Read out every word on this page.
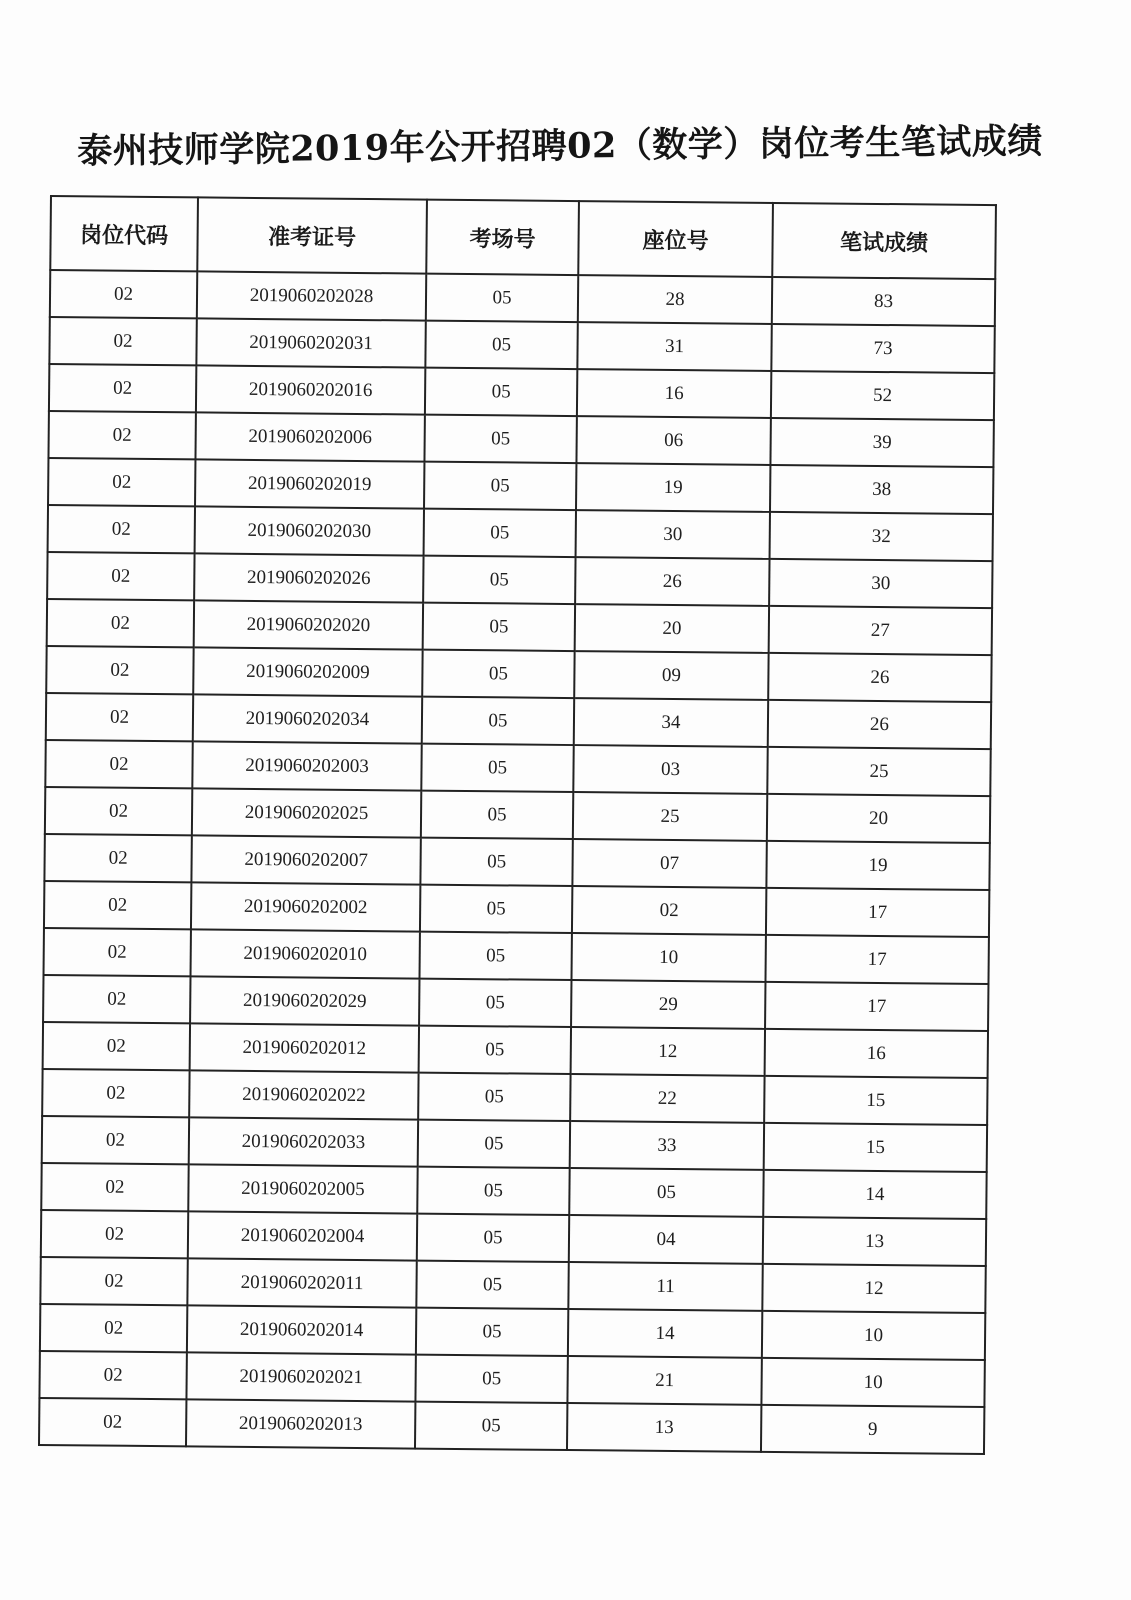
泰州技师学院2019年公开招聘02（数学）岗位考生笔试成绩
岗位代码	准考证号	考场号	座位号	笔试成绩
02	2019060202028	05	28	83
02	2019060202031	05	31	73
02	2019060202016	05	16	52
02	2019060202006	05	06	39
02	2019060202019	05	19	38
02	2019060202030	05	30	32
02	2019060202026	05	26	30
02	2019060202020	05	20	27
02	2019060202009	05	09	26
02	2019060202034	05	34	26
02	2019060202003	05	03	25
02	2019060202025	05	25	20
02	2019060202007	05	07	19
02	2019060202002	05	02	17
02	2019060202010	05	10	17
02	2019060202029	05	29	17
02	2019060202012	05	12	16
02	2019060202022	05	22	15
02	2019060202033	05	33	15
02	2019060202005	05	05	14
02	2019060202004	05	04	13
02	2019060202011	05	11	12
02	2019060202014	05	14	10
02	2019060202021	05	21	10
02	2019060202013	05	13	9
